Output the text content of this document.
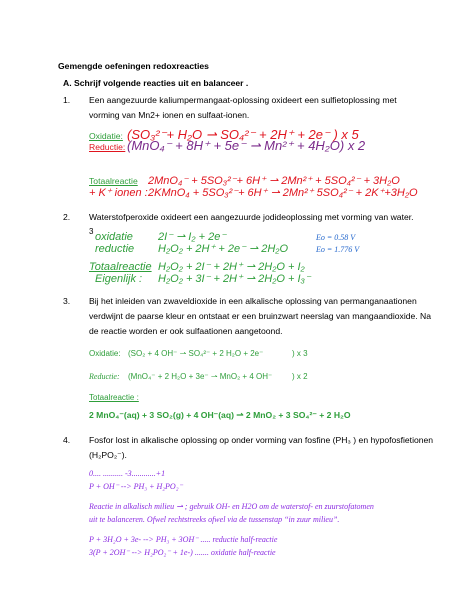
Gemengde oefeningen redoxreacties
A. Schrijf volgende reacties uit en balanceer .
1. Een aangezuurde kaliumpermangaat-oplossing oxideert een sulfietoplossing met
vorming van Mn2+ ionen en sulfaat-ionen.
Oxidatie: (SO₃²⁻+ H₂O ⇀ SO₄²⁻ + 2H⁺ + 2e⁻ ) x 5
Reductie: (MnO₄⁻ + 8H⁺ + 5e⁻ ⇀ Mn²⁺ + 4H₂O) x 2
Totaalreactie 2MnO₄⁻ + 5SO₃²⁻+ 6H⁺ ⇀ 2Mn²⁺ + 5SO₄²⁻ + 3H₂O
+ K⁺ ionen : 2KMnO₄ + 5SO₃²⁻+ 6H⁺ ⇀ 2Mn²⁺ 5SO₄²⁻ + 2K⁺+3H₂O
2. Waterstofperoxide oxideert een aangezuurde jodideoplossing met vorming van water.
3 oxidatie 2I⁻ ⇀ I₂ + 2e⁻	Eo = 0.58 V
reductie H₂O₂ + 2H⁺ + 2e⁻ ⇀ 2H₂O	Eo = 1.776 V
Totaalreactie H₂O₂ + 2I⁻ + 2H⁺ ⇀ 2H₂O + I₂
Eigenlijk : H₂O₂ + 3I⁻ + 2H⁺ ⇀ 2H₂O + I₃⁻
3. Bij het inleiden van zwaveldioxide in een alkalische oplossing van permanganaationen
verdwijnt de paarse kleur en ontstaat er een bruinzwart neerslag van mangaandioxide. Na
de reactie worden er ook sulfaationen aangetoond.
Oxidatie: (SO₂ + 4 OH⁻ ⇀ SO₄²⁻ + 2 H₂O + 2e⁻	) x 3
Reductie: (MnO₄⁻ + 2 H₂O + 3e⁻ ⇀ MnO₂ + 4 OH⁻ ) x 2
Totaalreactie :
2 MnO₄⁻(aq) + 3 SO₂(g) + 4 OH⁻(aq) ⇀ 2 MnO₂ + 3 SO₄²⁻ + 2 H₂O
4. Fosfor lost in alkalische oplossing op onder vorming van fosfine (PH₃ ) en hypofosfietionen
(H₂PO₂⁻).
0.... .......... -3............+1
P + OH⁻ --> PH₃ + H₂PO₂⁻
Reactie in alkalisch milieu ⇀ ; gebruik OH- en H2O om de waterstof- en zuurstofatomen
uit te balanceren. Ofwel rechtstreeks ofwel via de tussenstap “in zuur milieu”.
P + 3H₂O + 3e- --> PH₃ + 3OH⁻ ..... reductie half-reactie
3(P + 2OH⁻ --> H₂PO₂⁻ + 1e-) ....... oxidatie half-reactie
